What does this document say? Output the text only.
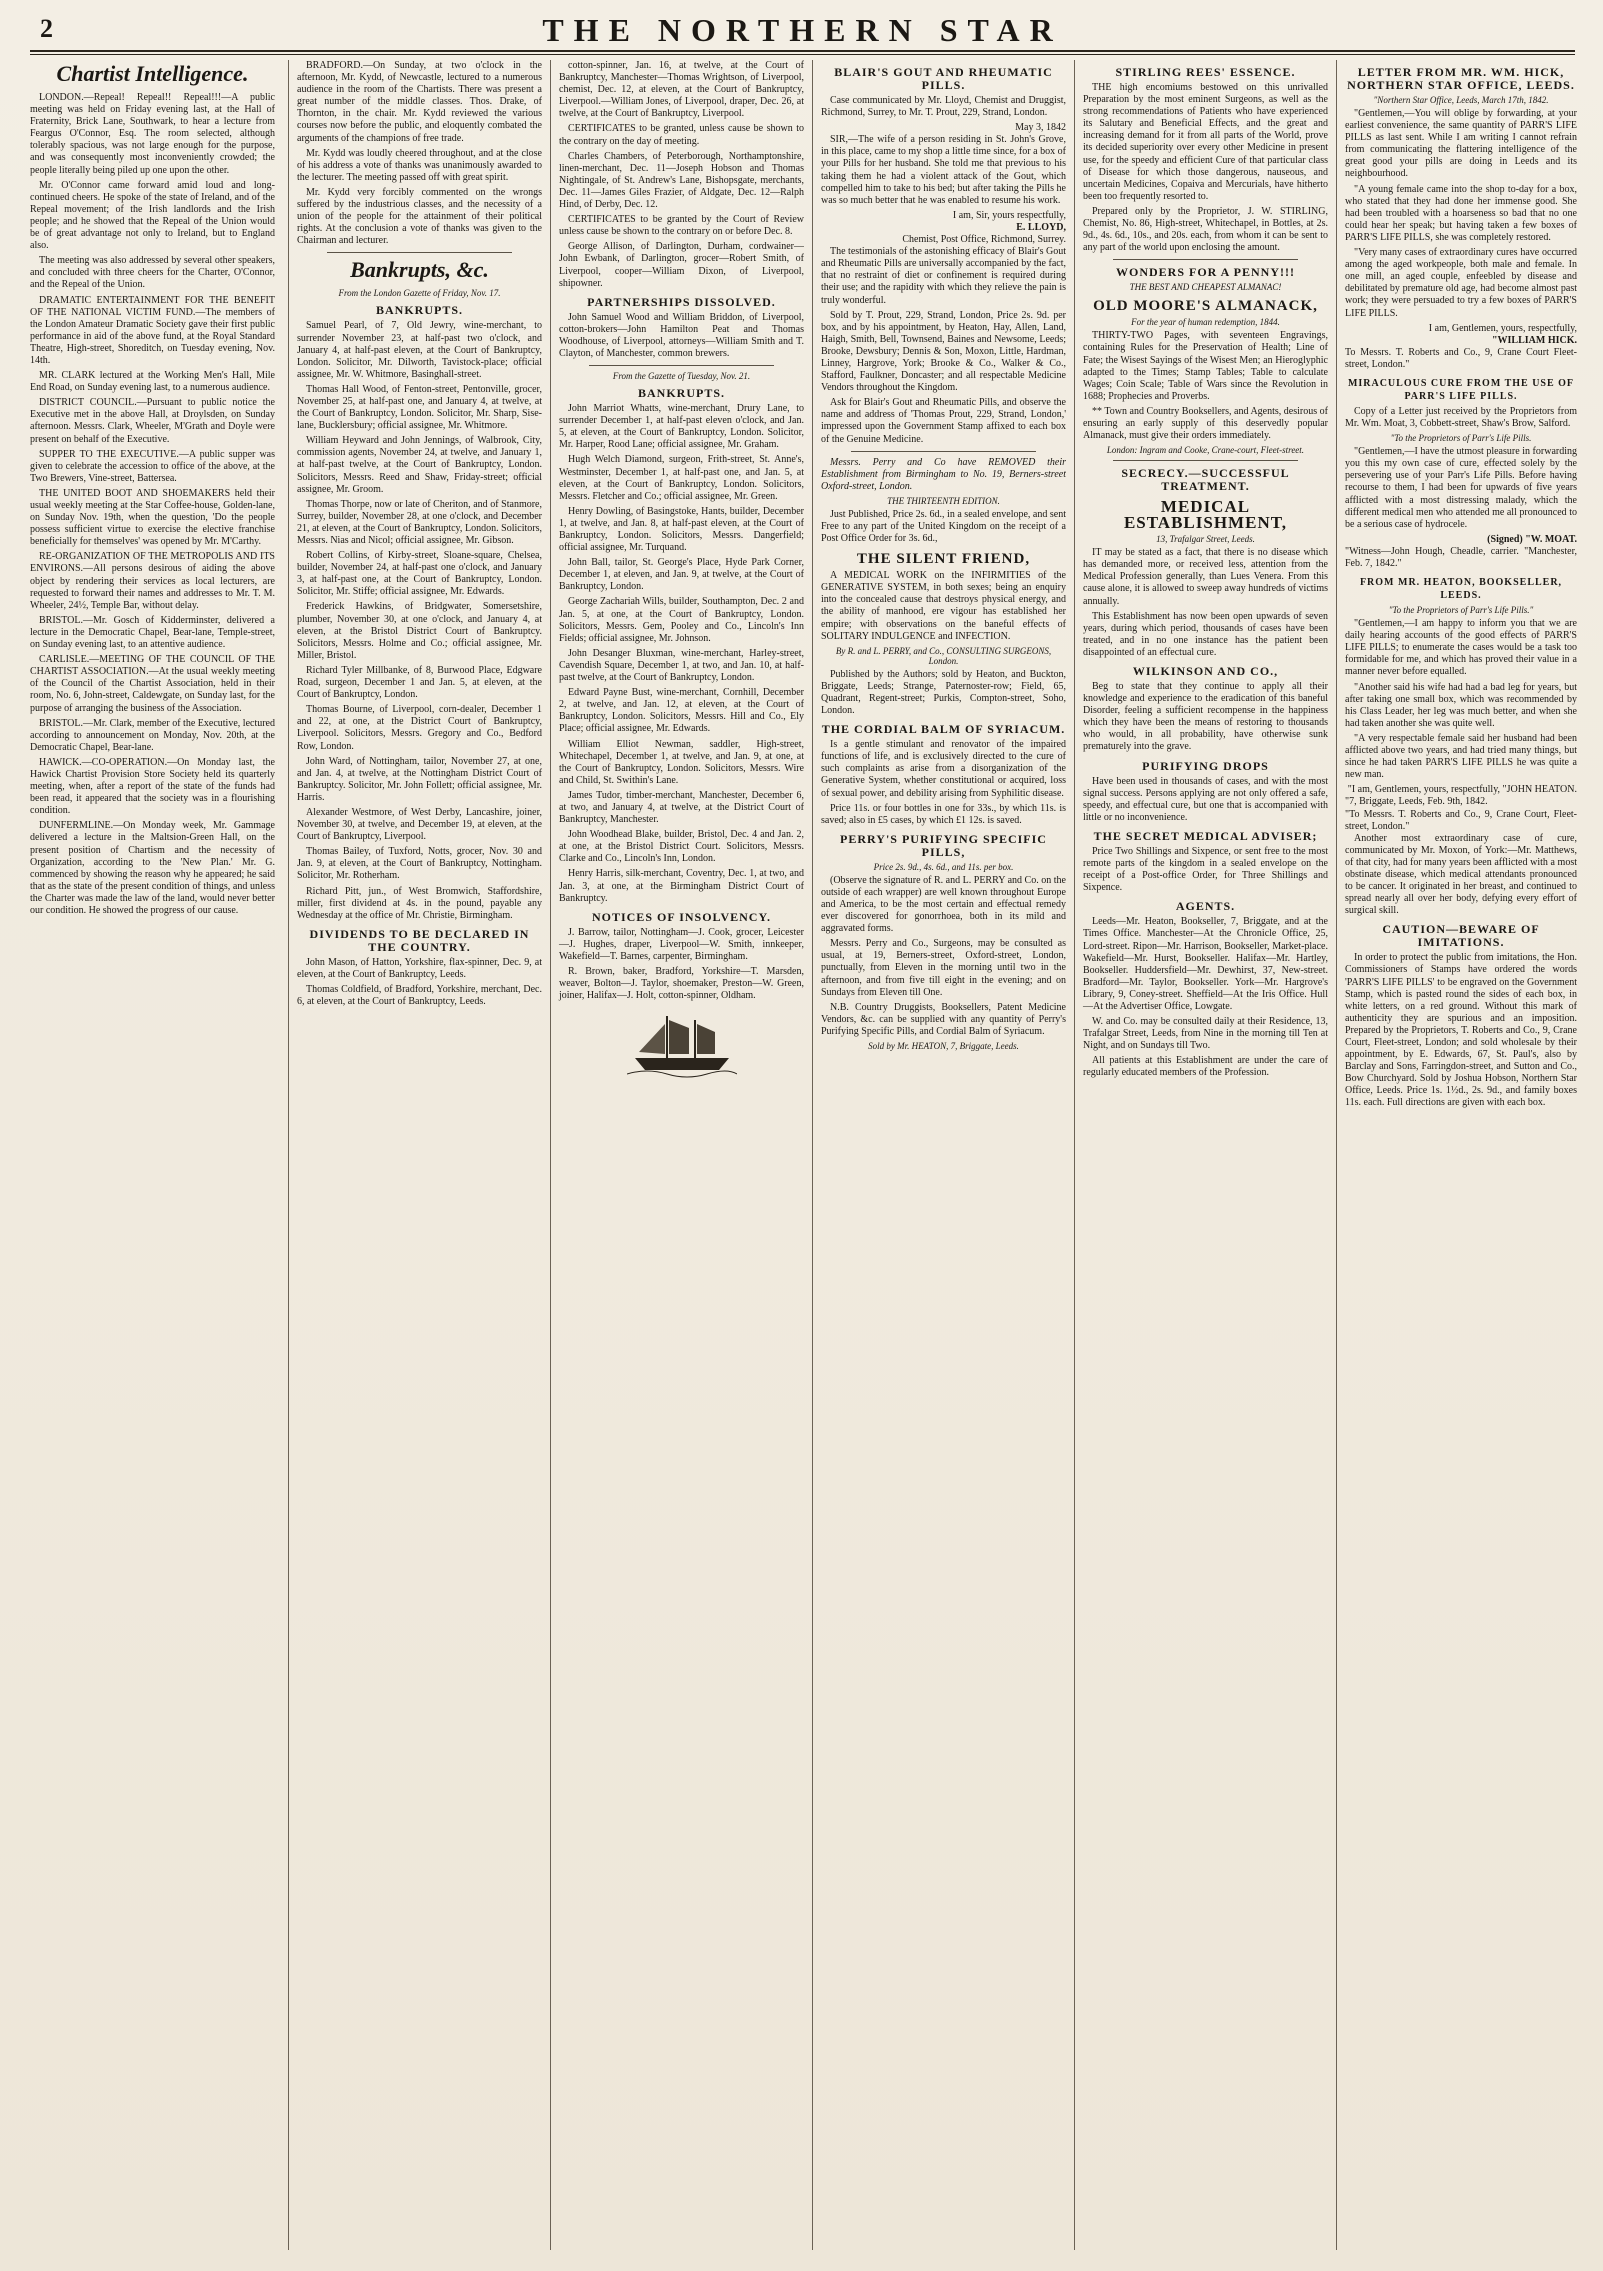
2	THE NORTHERN STAR
Chartist Intelligence.

LONDON.—Repeal! Repeal!! Repeal!!!—A public meeting was held on Friday evening last, at the Hall of Fraternity, Brick Lane, Southwark, to hear a lecture from Feargus O'Connor, Esq. The room selected, although tolerably spacious, was not large enough for the purpose, and was consequently most inconveniently crowded; the people literally being piled up one upon the other.

Mr. O'Connor came forward amid loud and long-continued cheers. He spoke of the state of Ireland, and of the Repeal movement; of the Irish landlords and the Irish people; and he showed that the Repeal of the Union would be of great advantage not only to Ireland, but to England also.

The meeting was also addressed by several other speakers, and concluded with three cheers for the Charter, O'Connor, and the Repeal of the Union.

DRAMATIC ENTERTAINMENT FOR THE BENEFIT OF THE NATIONAL VICTIM FUND.—The members of the London Amateur Dramatic Society gave their first public performance in aid of the above fund, at the Royal Standard Theatre, High-street, Shoreditch, on Tuesday evening, Nov. 14th.

MR. CLARK lectured at the Working Men's Hall, Mile End Road, on Sunday evening last, to a numerous audience.

DISTRICT COUNCIL.—Pursuant to public notice the Executive met in the above Hall, at Droylsden, on Sunday afternoon. Messrs. Clark, Wheeler, M'Grath and Doyle were present on behalf of the Executive.

SUPPER TO THE EXECUTIVE.—A public supper was given to celebrate the accession to office of the above, at the Two Brewers, Vine-street, Battersea.

THE UNITED BOOT AND SHOEMAKERS held their usual weekly meeting at the Star Coffee-house, Golden-lane, on Sunday Nov. 19th, when the question, 'Do the people possess sufficient virtue to exercise the elective franchise beneficially for themselves' was opened by Mr. M'Carthy.

RE-ORGANIZATION OF THE METROPOLIS AND ITS ENVIRONS.—All persons desirous of aiding the above object by rendering their services as local lecturers, are requested to forward their names and addresses to Mr. T. M. Wheeler, 24½, Temple Bar, without delay.

BRISTOL.—Mr. Gosch of Kidderminster, delivered a lecture in the Democratic Chapel, Bear-lane, Temple-street, on Sunday evening last, to an attentive audience.

CARLISLE.—MEETING OF THE COUNCIL OF THE CHARTIST ASSOCIATION.—At the usual weekly meeting of the Council of the Chartist Association, held in their room, No. 6, John-street, Caldewgate, on Sunday last, for the purpose of arranging the business of the Association.

BRISTOL.—Mr. Clark, member of the Executive, lectured according to announcement on Monday, Nov. 20th, at the Democratic Chapel, Bear-lane.

HAWICK.—CO-OPERATION.—On Monday last, the Hawick Chartist Provision Store Society held its quarterly meeting, when, after a report of the state of the funds had been read, it appeared that the society was in a flourishing condition.

DUNFERMLINE.—On Monday week, Mr. Gammage delivered a lecture in the Maltsion-Green Hall, on the present position of Chartism and the necessity of Organization, according to the 'New Plan.' Mr. G. commenced by showing the reason why he appeared; he said that as the state of the present condition of things, and unless the Charter was made the law of the land, would never better our condition. He showed the progress of our cause.

BRADFORD.—On Sunday, at two o'clock in the afternoon, Mr. Kydd, of Newcastle, lectured to a numerous audience in the room of the Chartists. There was present a great number of the middle classes. Thos. Drake, of Thornton, in the chair. Mr. Kydd reviewed the various courses now before the public, and eloquently combated the arguments of the champions of free trade.

Mr. Kydd was loudly cheered throughout, and at the close of his address a vote of thanks was unanimously awarded to the lecturer. The meeting passed off with great spirit.

Mr. Kydd very forcibly commented on the wrongs suffered by the industrious classes, and the necessity of a union of the people for the attainment of their political rights. At the conclusion a vote of thanks was given to the Chairman and lecturer.

Bankrupts, &c.
From the London Gazette of Friday, Nov. 17.
BANKRUPTS.

Samuel Pearl, of 7, Old Jewry, wine-merchant, to surrender November 23, at half-past two o'clock, and January 4, at half-past eleven, at the Court of Bankruptcy, London. Solicitor, Mr. Dilworth, Tavistock-place; official assignee, Mr. W. Whitmore, Basinghall-street.

Thomas Hall Wood, of Fenton-street, Pentonville, grocer, November 25, at half-past one, and January 4, at twelve, at the Court of Bankruptcy, London. Solicitor, Mr. Sharp, Sise-lane, Bucklersbury; official assignee, Mr. Whitmore.

William Heyward and John Jennings, of Walbrook, City, commission agents, November 24, at twelve, and January 1, at half-past twelve, at the Court of Bankruptcy, London. Solicitors, Messrs. Reed and Shaw, Friday-street; official assignee, Mr. Groom.

Thomas Thorpe, now or late of Cheriton, and of Stanmore, Surrey, builder, November 28, at one o'clock, and December 21, at eleven, at the Court of Bankruptcy, London. Solicitors, Messrs. Nias and Nicol; official assignee, Mr. Gibson.

Robert Collins, of Kirby-street, Sloane-square, Chelsea, builder, November 24, at half-past one o'clock, and January 3, at half-past one, at the Court of Bankruptcy, London. Solicitor, Mr. Stiffe; official assignee, Mr. Edwards.

Frederick Hawkins, of Bridgwater, Somersetshire, plumber, November 30, at one o'clock, and January 4, at eleven, at the Bristol District Court of Bankruptcy. Solicitors, Messrs. Holme and Co.; official assignee, Mr. Miller, Bristol.

Richard Tyler Millbanke, of 8, Burwood Place, Edgware Road, surgeon, December 1 and Jan. 5, at eleven, at the Court of Bankruptcy, London.

Thomas Bourne, of Liverpool, corn-dealer, December 1 and 22, at one, at the District Court of Bankruptcy, Liverpool. Solicitors, Messrs. Gregory and Co., Bedford Row, London.

John Ward, of Nottingham, tailor, November 27, at one, and Jan. 4, at twelve, at the Nottingham District Court of Bankruptcy. Solicitor, Mr. John Follett; official assignee, Mr. Harris.

Alexander Westmore, of West Derby, Lancashire, joiner, November 30, at twelve, and December 19, at eleven, at the Court of Bankruptcy, Liverpool.

Thomas Bailey, of Tuxford, Notts, grocer, Nov. 30 and Jan. 9, at eleven, at the Court of Bankruptcy, Nottingham. Solicitor, Mr. Rotherham.

Richard Pitt, jun., of West Bromwich, Staffordshire, miller, first dividend at 4s. in the pound, payable any Wednesday at the office of Mr. Christie, Birmingham.

DIVIDENDS TO BE DECLARED IN THE COUNTRY.

John Mason, of Hatton, Yorkshire, flax-spinner, Dec. 9, at eleven, at the Court of Bankruptcy, Leeds.

Thomas Coldfield, of Bradford, Yorkshire, merchant, Dec. 6, at eleven, at the Court of Bankruptcy, Leeds.

cotton-spinner, Jan. 16, at twelve, at the Court of Bankruptcy, Manchester—Thomas Wrightson, of Liverpool, chemist, Dec. 12, at eleven, at the Court of Bankruptcy, Liverpool.—William Jones, of Liverpool, draper, Dec. 26, at twelve, at the Court of Bankruptcy, Liverpool.

CERTIFICATES to be granted, unless cause be shown to the contrary on the day of meeting.

Charles Chambers, of Peterborough, Northamptonshire, linen-merchant, Dec. 11—Joseph Hobson and Thomas Nightingale, of St. Andrew's Lane, Bishopsgate, merchants, Dec. 11—James Giles Frazier, of Aldgate, Dec. 12—Ralph Hind, of Derby, Dec. 12.

CERTIFICATES to be granted by the Court of Review unless cause be shown to the contrary on or before Dec. 8.

George Allison, of Darlington, Durham, cordwainer—John Ewbank, of Darlington, grocer—Robert Smith, of Liverpool, cooper—William Dixon, of Liverpool, shipowner.

PARTNERSHIPS DISSOLVED.

John Samuel Wood and William Briddon, of Liverpool, cotton-brokers—John Hamilton Peat and Thomas Woodhouse, of Liverpool, attorneys—William Smith and T. Clayton, of Manchester, common brewers.

From the Gazette of Tuesday, Nov. 21.
BANKRUPTS.

John Marriot Whatts, wine-merchant, Drury Lane, to surrender December 1, at half-past eleven o'clock, and Jan. 5, at eleven, at the Court of Bankruptcy, London. Solicitor, Mr. Harper, Rood Lane; official assignee, Mr. Graham.

Hugh Welch Diamond, surgeon, Frith-street, St. Anne's, Westminster, December 1, at half-past one, and Jan. 5, at eleven, at the Court of Bankruptcy, London. Solicitors, Messrs. Fletcher and Co.; official assignee, Mr. Green.

Henry Dowling, of Basingstoke, Hants, builder, December 1, at twelve, and Jan. 8, at half-past eleven, at the Court of Bankruptcy, London. Solicitors, Messrs. Dangerfield; official assignee, Mr. Turquand.

John Ball, tailor, St. George's Place, Hyde Park Corner, December 1, at eleven, and Jan. 9, at twelve, at the Court of Bankruptcy, London.

George Zachariah Wills, builder, Southampton, Dec. 2 and Jan. 5, at one, at the Court of Bankruptcy, London. Solicitors, Messrs. Gem, Pooley and Co., Lincoln's Inn Fields; official assignee, Mr. Johnson.

John Desanger Bluxman, wine-merchant, Harley-street, Cavendish Square, December 1, at two, and Jan. 10, at half-past twelve, at the Court of Bankruptcy, London.

Edward Payne Bust, wine-merchant, Cornhill, December 2, at twelve, and Jan. 12, at eleven, at the Court of Bankruptcy, London. Solicitors, Messrs. Hill and Co., Ely Place; official assignee, Mr. Edwards.

William Elliot Newman, saddler, High-street, Whitechapel, December 1, at twelve, and Jan. 9, at one, at the Court of Bankruptcy, London. Solicitors, Messrs. Wire and Child, St. Swithin's Lane.

James Tudor, timber-merchant, Manchester, December 6, at two, and January 4, at twelve, at the District Court of Bankruptcy, Manchester.

John Woodhead Blake, builder, Bristol, Dec. 4 and Jan. 2, at one, at the Bristol District Court. Solicitors, Messrs. Clarke and Co., Lincoln's Inn, London.

Henry Harris, silk-merchant, Coventry, Dec. 1, at two, and Jan. 3, at one, at the Birmingham District Court of Bankruptcy.

NOTICES OF INSOLVENCY.

J. Barrow, tailor, Nottingham—J. Cook, grocer, Leicester—J. Hughes, draper, Liverpool—W. Smith, innkeeper, Wakefield—T. Barnes, carpenter, Birmingham.

R. Brown, baker, Bradford, Yorkshire—T. Marsden, weaver, Bolton—J. Taylor, shoemaker, Preston—W. Green, joiner, Halifax—J. Holt, cotton-spinner, Oldham.

BLAIR'S GOUT AND RHEUMATIC PILLS.

Case communicated by Mr. Lloyd, Chemist and Druggist, Richmond, Surrey, to Mr. T. Prout, 229, Strand, London.

May 3, 1842

SIR,—The wife of a person residing in St. John's Grove, in this place, came to my shop a little time since, for a box of your Pills for her husband. She told me that previous to his taking them he had a violent attack of the Gout, which compelled him to take to his bed; but after taking the Pills he was so much better that he was enabled to resume his work.

I am, Sir, yours respectfully,
E. LLOYD,
Chemist, Post Office, Richmond, Surrey.

The testimonials of the astonishing efficacy of Blair's Gout and Rheumatic Pills are universally accompanied by the fact, that no restraint of diet or confinement is required during their use; and the rapidity with which they relieve the pain is truly wonderful.

Sold by T. Prout, 229, Strand, London, Price 2s. 9d. per box, and by his appointment, by Heaton, Hay, Allen, Land, Haigh, Smith, Bell, Townsend, Baines and Newsome, Leeds; Brooke, Dewsbury; Dennis & Son, Moxon, Little, Hardman, Linney, Hargrove, York; Brooke & Co., Walker & Co., Stafford, Faulkner, Doncaster; and all respectable Medicine Vendors throughout the Kingdom.

Ask for Blair's Gout and Rheumatic Pills, and observe the name and address of 'Thomas Prout, 229, Strand, London,' impressed upon the Government Stamp affixed to each box of the Genuine Medicine.

Messrs. Perry and Co have REMOVED their Establishment from Birmingham to No. 19, Berners-street Oxford-street, London.

THE THIRTEENTH EDITION.

Just Published, Price 2s. 6d., in a sealed envelope, and sent Free to any part of the United Kingdom on the receipt of a Post Office Order for 3s. 6d.,

THE SILENT FRIEND,

A MEDICAL WORK on the INFIRMITIES of the GENERATIVE SYSTEM, in both sexes; being an enquiry into the concealed cause that destroys physical energy, and the ability of manhood, ere vigour has established her empire; with observations on the baneful effects of SOLITARY INDULGENCE and INFECTION.

By R. and L. PERRY, and Co., CONSULTING SURGEONS, London.

Published by the Authors; sold by Heaton, and Buckton, Briggate, Leeds; Strange, Paternoster-row; Field, 65, Quadrant, Regent-street; Purkis, Compton-street, Soho, London.

THE CORDIAL BALM OF SYRIACUM.

Is a gentle stimulant and renovator of the impaired functions of life, and is exclusively directed to the cure of such complaints as arise from a disorganization of the Generative System, whether constitutional or acquired, loss of sexual power, and debility arising from Syphilitic disease.

Price 11s. or four bottles in one for 33s., by which 11s. is saved; also in £5 cases, by which £1 12s. is saved.

PERRY'S PURIFYING SPECIFIC PILLS,
Price 2s. 9d., 4s. 6d., and 11s. per box.

(Observe the signature of R. and L. PERRY and Co. on the outside of each wrapper) are well known throughout Europe and America, to be the most certain and effectual remedy ever discovered for gonorrhoea, both in its mild and aggravated forms.

Messrs. Perry and Co., Surgeons, may be consulted as usual, at 19, Berners-street, Oxford-street, London, punctually, from Eleven in the morning until two in the afternoon, and from five till eight in the evening; and on Sundays from Eleven till One.

N.B. Country Druggists, Booksellers, Patent Medicine Vendors, &c. can be supplied with any quantity of Perry's Purifying Specific Pills, and Cordial Balm of Syriacum.

Sold by Mr. HEATON, 7, Briggate, Leeds.
STIRLING REES' ESSENCE.

THE high encomiums bestowed on this unrivalled Preparation by the most eminent Surgeons, as well as the strong recommendations of Patients who have experienced its Salutary and Beneficial Effects, and the great and increasing demand for it from all parts of the World, prove its decided superiority over every other Medicine in present use, for the speedy and efficient Cure of that particular class of Disease for which those dangerous, nauseous, and uncertain Medicines, Copaiva and Mercurials, have hitherto been too frequently resorted to.

Prepared only by the Proprietor, J. W. STIRLING, Chemist, No. 86, High-street, Whitechapel, in Bottles, at 2s. 9d., 4s. 6d., 10s., and 20s. each, from whom it can be sent to any part of the world upon enclosing the amount.

WONDERS FOR A PENNY!!!
THE BEST AND CHEAPEST ALMANAC!
OLD MOORE'S ALMANACK,
For the year of human redemption, 1844.

THIRTY-TWO Pages, with seventeen Engravings, containing Rules for the Preservation of Health; Line of Fate; the Wisest Sayings of the Wisest Men; an Hieroglyphic adapted to the Times; Stamp Tables; Table to calculate Wages; Coin Scale; Table of Wars since the Revolution in 1688; Prophecies and Proverbs.

** Town and Country Booksellers, and Agents, desirous of ensuring an early supply of this deservedly popular Almanack, must give their orders immediately.

London: Ingram and Cooke, Crane-court, Fleet-street.
SECRECY.—SUCCESSFUL TREATMENT.
MEDICAL ESTABLISHMENT,
13, Trafalgar Street, Leeds.

IT may be stated as a fact, that there is no disease which has demanded more, or received less, attention from the Medical Profession generally, than Lues Venera. From this cause alone, it is allowed to sweep away hundreds of victims annually.

This Establishment has now been open upwards of seven years, during which period, thousands of cases have been treated, and in no one instance has the patient been disappointed of an effectual cure.

WILKINSON AND CO.,

Beg to state that they continue to apply all their knowledge and experience to the eradication of this baneful Disorder, feeling a sufficient recompense in the happiness which they have been the means of restoring to thousands who would, in all probability, have otherwise sunk prematurely into the grave.

PURIFYING DROPS

Have been used in thousands of cases, and with the most signal success. Persons applying are not only offered a safe, speedy, and effectual cure, but one that is accompanied with little or no inconvenience.

THE SECRET MEDICAL ADVISER;

Price Two Shillings and Sixpence, or sent free to the most remote parts of the kingdom in a sealed envelope on the receipt of a Post-office Order, for Three Shillings and Sixpence.

AGENTS.

Leeds—Mr. Heaton, Bookseller, 7, Briggate, and at the Times Office. Manchester—At the Chronicle Office, 25, Lord-street. Ripon—Mr. Harrison, Bookseller, Market-place. Wakefield—Mr. Hurst, Bookseller. Halifax—Mr. Hartley, Bookseller. Huddersfield—Mr. Dewhirst, 37, New-street. Bradford—Mr. Taylor, Bookseller. York—Mr. Hargrove's Library, 9, Coney-street. Sheffield—At the Iris Office. Hull—At the Advertiser Office, Lowgate.

W. and Co. may be consulted daily at their Residence, 13, Trafalgar Street, Leeds, from Nine in the morning till Ten at Night, and on Sundays till Two.

All patients at this Establishment are under the care of regularly educated members of the Profession.

LETTER FROM MR. WM. HICK, NORTHERN STAR OFFICE, LEEDS.
"Northern Star Office, Leeds, March 17th, 1842.

"Gentlemen,—You will oblige by forwarding, at your earliest convenience, the same quantity of PARR'S LIFE PILLS as last sent. While I am writing I cannot refrain from communicating the flattering intelligence of the great good your pills are doing in Leeds and its neighbourhood.

"A young female came into the shop to-day for a box, who stated that they had done her immense good. She had been troubled with a hoarseness so bad that no one could hear her speak; but having taken a few boxes of PARR'S LIFE PILLS, she was completely restored.

"Very many cases of extraordinary cures have occurred among the aged workpeople, both male and female. In one mill, an aged couple, enfeebled by disease and debilitated by premature old age, had become almost past work; they were persuaded to try a few boxes of PARR'S LIFE PILLS.

I am, Gentlemen, yours, respectfully,
"WILLIAM HICK.
To Messrs. T. Roberts and Co., 9, Crane Court Fleet-street, London."
MIRACULOUS CURE FROM THE USE OF PARR'S LIFE PILLS.

Copy of a Letter just received by the Proprietors from Mr. Wm. Moat, 3, Cobbett-street, Shaw's Brow, Salford.

"To the Proprietors of Parr's Life Pills.

"Gentlemen,—I have the utmost pleasure in forwarding you this my own case of cure, effected solely by the persevering use of your Parr's Life Pills. Before having recourse to them, I had been for upwards of five years afflicted with a most distressing malady, which the different medical men who attended me all pronounced to be a serious case of hydrocele.

(Signed) "W. MOAT.
"Witness—John Hough, Cheadle, carrier. "Manchester, Feb. 7, 1842."
FROM MR. HEATON, BOOKSELLER, LEEDS.
"To the Proprietors of Parr's Life Pills."

"Gentlemen,—I am happy to inform you that we are daily hearing accounts of the good effects of PARR'S LIFE PILLS; to enumerate the cases would be a task too formidable for me, and which has proved their value in a manner never before equalled.

"Another said his wife had had a bad leg for years, but after taking one small box, which was recommended by his Class Leader, her leg was much better, and when she had taken another she was quite well.

"A very respectable female said her husband had been afflicted above two years, and had tried many things, but since he had taken PARR'S LIFE PILLS he was quite a new man.

"I am, Gentlemen, yours, respectfully, "JOHN HEATON.
"7, Briggate, Leeds, Feb. 9th, 1842.
"To Messrs. T. Roberts and Co., 9, Crane Court, Fleet-street, London."

Another most extraordinary case of cure, communicated by Mr. Moxon, of York:—Mr. Matthews, of that city, had for many years been afflicted with a most obstinate disease, which medical attendants pronounced to be cancer. It originated in her breast, and continued to spread nearly all over her body, defying every effort of surgical skill.

CAUTION—BEWARE OF IMITATIONS.

In order to protect the public from imitations, the Hon. Commissioners of Stamps have ordered the words 'PARR'S LIFE PILLS' to be engraved on the Government Stamp, which is pasted round the sides of each box, in white letters, on a red ground. Without this mark of authenticity they are spurious and an imposition. Prepared by the Proprietors, T. Roberts and Co., 9, Crane Court, Fleet-street, London; and sold wholesale by their appointment, by E. Edwards, 67, St. Paul's, also by Barclay and Sons, Farringdon-street, and Sutton and Co., Bow Churchyard. Sold by Joshua Hobson, Northern Star Office, Leeds. Price 1s. 1½d., 2s. 9d., and family boxes 11s. each. Full directions are given with each box.
